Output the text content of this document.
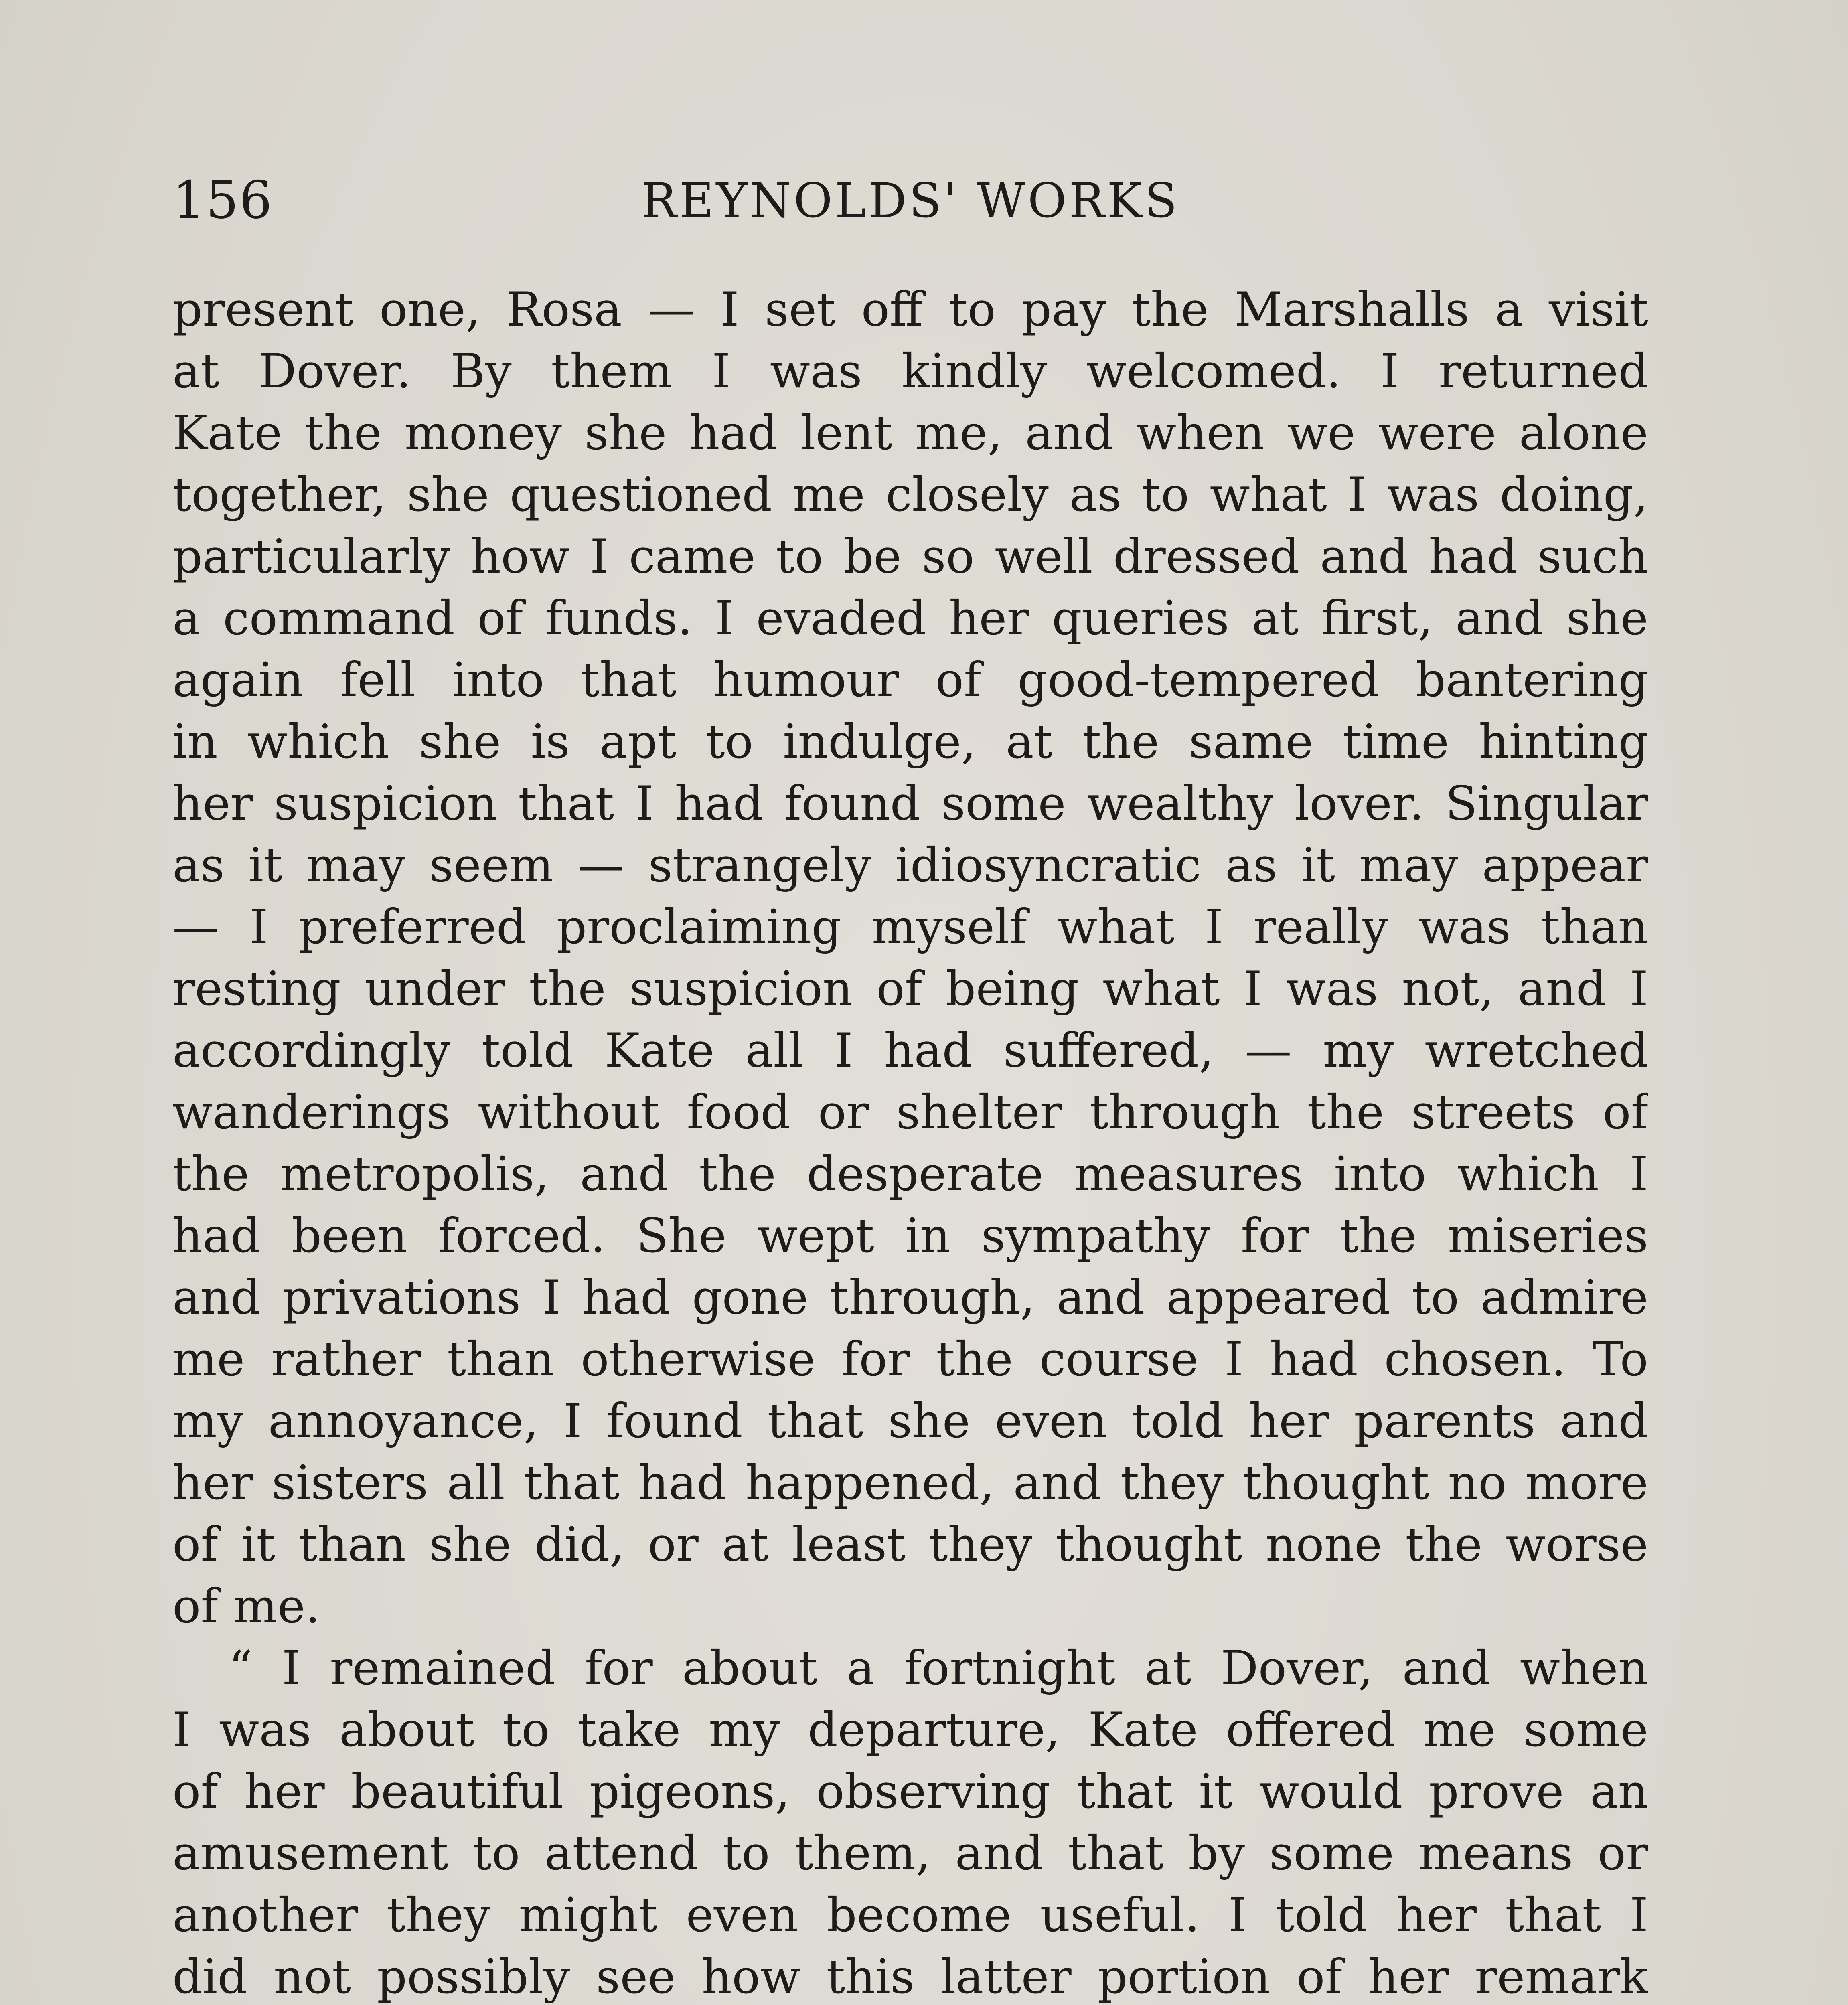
156	REYNOLDS' WORKS
present one, Rosa — I set off to pay the Marshalls a visit
at Dover. By them I was kindly welcomed. I returned
Kate the money she had lent me, and when we were alone
together, she questioned me closely as to what I was doing,
particularly how I came to be so well dressed and had such
a command of funds. I evaded her queries at first, and she
again fell into that humour of good-tempered bantering
in which she is apt to indulge, at the same time hinting
her suspicion that I had found some wealthy lover. Singular
as it may seem — strangely idiosyncratic as it may appear
— I preferred proclaiming myself what I really was than
resting under the suspicion of being what I was not, and I
accordingly told Kate all I had suffered, — my wretched
wanderings without food or shelter through the streets of
the metropolis, and the desperate measures into which I
had been forced. She wept in sympathy for the miseries
and privations I had gone through, and appeared to admire
me rather than otherwise for the course I had chosen. To
my annoyance, I found that she even told her parents and
her sisters all that had happened, and they thought no more
of it than she did, or at least they thought none the worse
of me.
“ I remained for about a fortnight at Dover, and when
I was about to take my departure, Kate offered me some
of her beautiful pigeons, observing that it would prove an
amusement to attend to them, and that by some means or
another they might even become useful. I told her that I
did not possibly see how this latter portion of her remark
